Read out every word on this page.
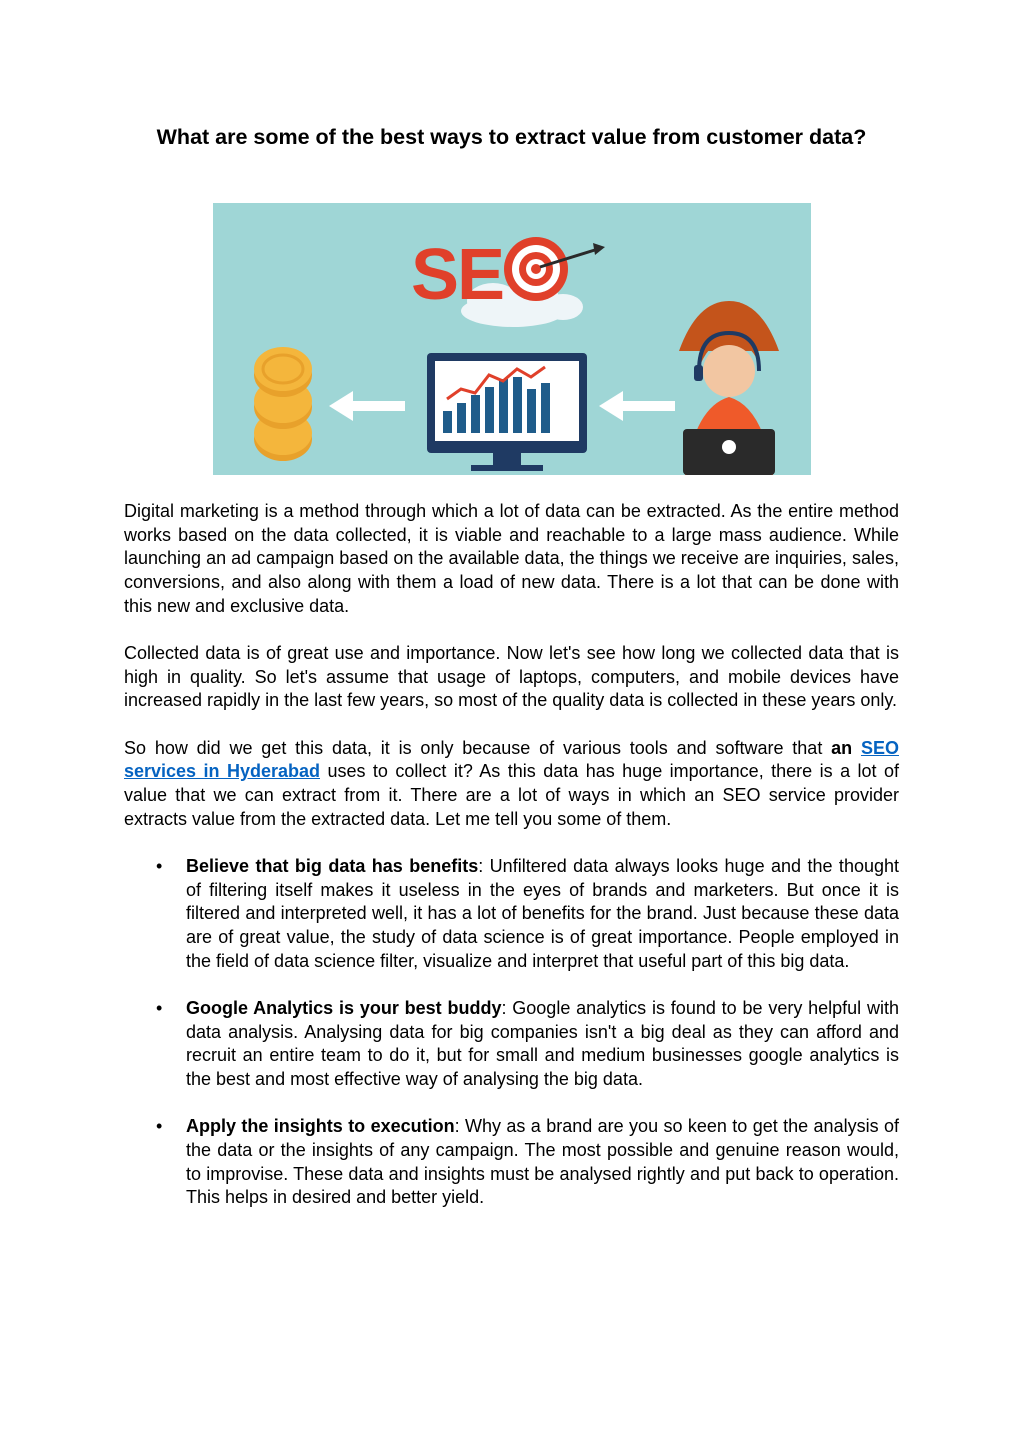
What are some of the best ways to extract value from customer data?
SE

Digital marketing is a method through which a lot of data can be extracted. As the entire method works based on the data collected, it is viable and reachable to a large mass audience. While launching an ad campaign based on the available data, the things we receive are inquiries, sales, conversions, and also along with them a load of new data. There is a lot that can be done with this new and exclusive data.

Collected data is of great use and importance. Now let's see how long we collected data that is high in quality. So let's assume that usage of laptops, computers, and mobile devices have increased rapidly in the last few years, so most of the quality data is collected in these years only.

So how did we get this data, it is only because of various tools and software that an SEO services in Hyderabad uses to collect it? As this data has huge importance, there is a lot of value that we can extract from it. There are a lot of ways in which an SEO service provider extracts value from the extracted data. Let me tell you some of them.

• Believe that big data has benefits: Unfiltered data always looks huge and the thought of filtering itself makes it useless in the eyes of brands and marketers. But once it is filtered and interpreted well, it has a lot of benefits for the brand. Just because these data are of great value, the study of data science is of great importance. People employed in the field of data science filter, visualize and interpret that useful part of this big data.
• Google Analytics is your best buddy: Google analytics is found to be very helpful with data analysis. Analysing data for big companies isn't a big deal as they can afford and recruit an entire team to do it, but for small and medium businesses google analytics is the best and most effective way of analysing the big data.
• Apply the insights to execution: Why as a brand are you so keen to get the analysis of the data or the insights of any campaign. The most possible and genuine reason would, to improvise. These data and insights must be analysed rightly and put back to operation. This helps in desired and better yield.
